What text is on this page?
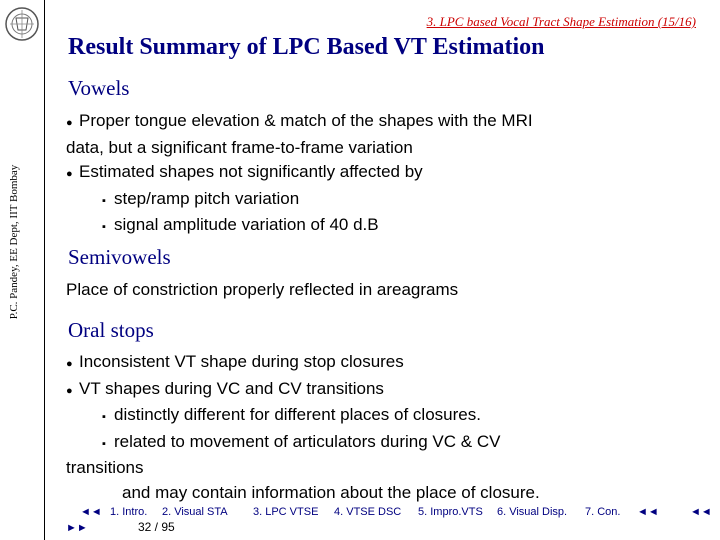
P.C. Pandey, EE Dept, IIT Bombay
3. LPC based Vocal Tract Shape Estimation (15/16)
Result Summary of LPC Based VT Estimation
Vowels
● Proper tongue elevation & match of the shapes with the MRI
data, but a significant frame-to-frame variation
● Estimated shapes not significantly affected by
▪ step/ramp pitch variation
▪ signal amplitude variation of 40 d.B
Semivowels
Place of constriction properly reflected in areagrams
Oral stops
● Inconsistent VT shape during stop closures
● VT shapes during VC and CV transitions
▪ distinctly different for different places of closures.
▪ related to movement of articulators during VC & CV
transitions
and may contain information about the place of closure.
◄◄ 1. Intro. 2. Visual STA 3. LPC VTSE 4. VTSE DSC 5. Impro.VTS 6. Visual Disp. 7. Con. ◄◄	◄◄
►►	32 / 95
